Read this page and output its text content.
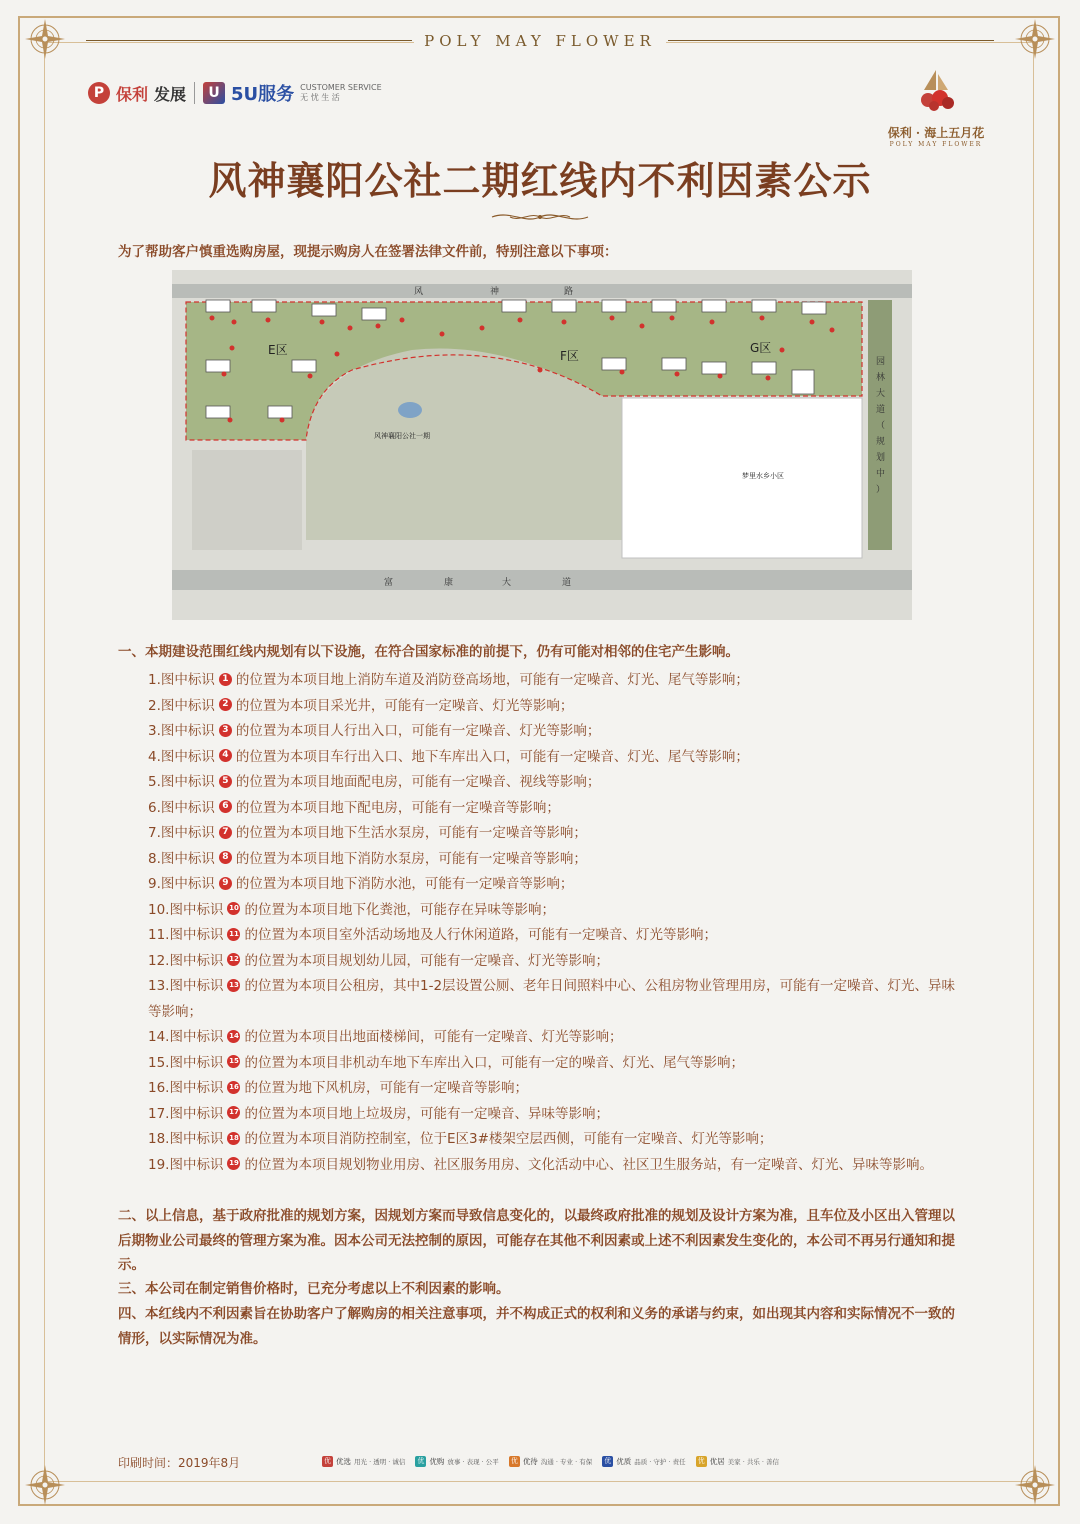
POLY MAY FLOWER
P 保利 发展	U 5U服务 CUSTOMER SERVICE
无 忧 生 活
保利 · 海上五月花
POLY MAY FLOWER
风神襄阳公社二期红线内不利因素公示
为了帮助客户慎重选购房屋，现提示购房人在签署法律文件前，特别注意以下事项：
风	神	路
富	康	大	道
园
林
大
道
（
规
划
中
）
E区	F区
G区
风神襄阳公社一期
梦里水乡小区
一、本期建设范围红线内规划有以下设施，在符合国家标准的前提下，仍有可能对相邻的住宅产生影响。
1.图中标识 1 的位置为本项目地上消防车道及消防登高场地，可能有一定噪音、灯光、尾气等影响；
2.图中标识 2 的位置为本项目采光井，可能有一定噪音、灯光等影响；
3.图中标识 3 的位置为本项目人行出入口，可能有一定噪音、灯光等影响；
4.图中标识 4 的位置为本项目车行出入口、地下车库出入口，可能有一定噪音、灯光、尾气等影响；
5.图中标识 5 的位置为本项目地面配电房，可能有一定噪音、视线等影响；
6.图中标识 6 的位置为本项目地下配电房，可能有一定噪音等影响；
7.图中标识 7 的位置为本项目地下生活水泵房，可能有一定噪音等影响；
8.图中标识 8 的位置为本项目地下消防水泵房，可能有一定噪音等影响；
9.图中标识 9 的位置为本项目地下消防水池，可能有一定噪音等影响；
10.图中标识 10 的位置为本项目地下化粪池，可能存在异味等影响；
11.图中标识 11 的位置为本项目室外活动场地及人行休闲道路，可能有一定噪音、灯光等影响；
12.图中标识 12 的位置为本项目规划幼儿园，可能有一定噪音、灯光等影响；
13.图中标识 13 的位置为本项目公租房，其中1-2层设置公厕、老年日间照料中心、公租房物业管理用房，可能有一定噪音、灯光、异味等影响；
14.图中标识 14 的位置为本项目出地面楼梯间，可能有一定噪音、灯光等影响；
15.图中标识 15 的位置为本项目非机动车地下车库出入口，可能有一定的噪音、灯光、尾气等影响；
16.图中标识 16 的位置为地下风机房，可能有一定噪音等影响；
17.图中标识 17 的位置为本项目地上垃圾房，可能有一定噪音、异味等影响；
18.图中标识 18 的位置为本项目消防控制室，位于E区3#楼架空层西侧，可能有一定噪音、灯光等影响；
19.图中标识 19 的位置为本项目规划物业用房、社区服务用房、文化活动中心、社区卫生服务站，有一定噪音、灯光、异味等影响。
二、以上信息，基于政府批准的规划方案，因规划方案而导致信息变化的，以最终政府批准的规划及设计方案为准，且车位及小区出入管理以后期物业公司最终的管理方案为准。因本公司无法控制的原因，可能存在其他不利因素或上述不利因素发生变化的，本公司不再另行通知和提示。
三、本公司在制定销售价格时，已充分考虑以上不利因素的影响。
四、本红线内不利因素旨在协助客户了解购房的相关注意事项，并不构成正式的权利和义务的承诺与约束，如出现其内容和实际情况不一致的情形，以实际情况为准。
印刷时间：2019年8月	优 优选 用光 · 透明 · 诚信 优 优购 放事 · 表现 · 公平 优 优待 沟通 · 专业 · 有保 优 优质 品质 · 守护 · 责任 优 优居 美家 · 共乐 · 善信
